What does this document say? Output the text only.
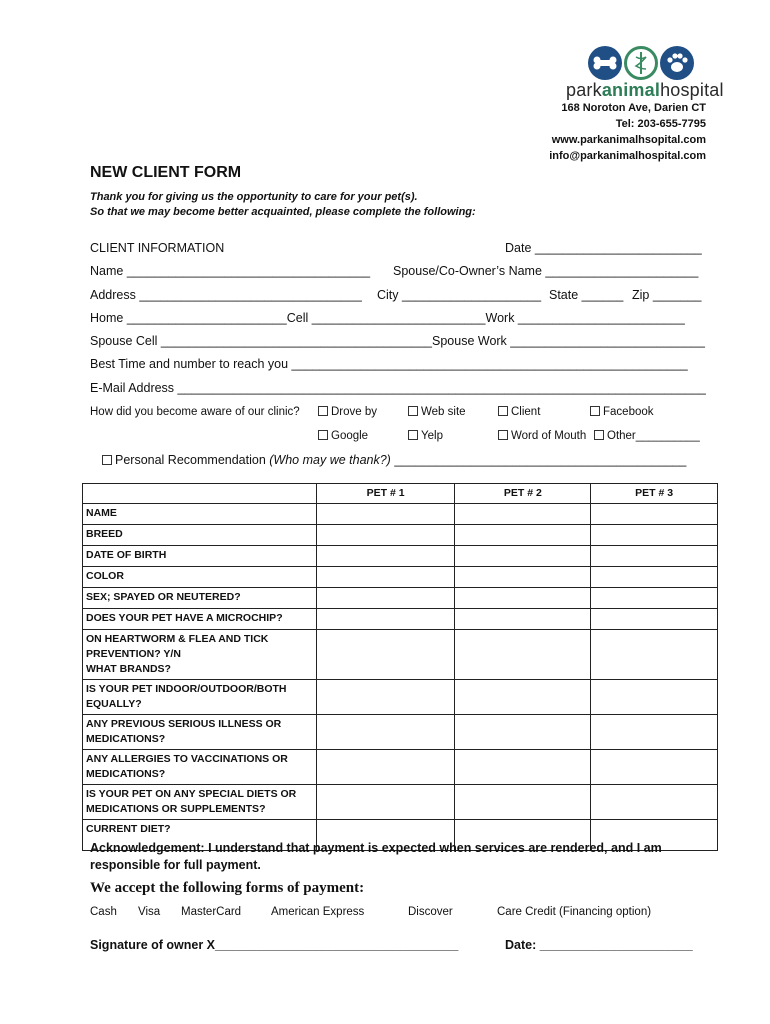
parkanimalhospital
168 Noroton Ave, Darien CT
Tel: 203-655-7795
www.parkanimalhsopital.com
info@parkanimalhospital.com
NEW CLIENT FORM
Thank you for giving us the opportunity to care for your pet(s).
So that we may become better acquainted, please complete the following:
CLIENT INFORMATION	Date ________________________
Name ___________________________________ Spouse/Co-Owner’s Name ______________________
Address ________________________________ City ____________________ State ______ Zip _______
Home _______________________Cell _________________________Work ________________________
Spouse Cell _______________________________________Spouse Work ____________________________
Best Time and number to reach you _________________________________________________________
E-Mail Address ____________________________________________________________________________
How did you become aware of our clinic?	Drove by	Web site	Client	Facebook
Google	Yelp	Word of Mouth	Other__________
Personal Recommendation (Who may we thank?) __________________________________________
	PET # 1	PET # 2	PET # 3
NAME			
BREED			
DATE OF BIRTH			
COLOR			
SEX; SPAYED OR NEUTERED?			
DOES YOUR PET HAVE A MICROCHIP?			
ON HEARTWORM & FLEA AND TICK PREVENTION? Y/N
WHAT BRANDS?			
IS YOUR PET INDOOR/OUTDOOR/BOTH EQUALLY?			
ANY PREVIOUS SERIOUS ILLNESS OR MEDICATIONS?			
ANY ALLERGIES TO VACCINATIONS OR MEDICATIONS?			
IS YOUR PET ON ANY SPECIAL DIETS OR MEDICATIONS OR SUPPLEMENTS?			
CURRENT DIET?			
Acknowledgement: I understand that payment is expected when services are rendered, and I am responsible for full payment.
We accept the following forms of payment:
Cash Visa MasterCard	American Express	Discover	Care Credit (Financing option)
Signature of owner X___________________________________	Date: ______________________
